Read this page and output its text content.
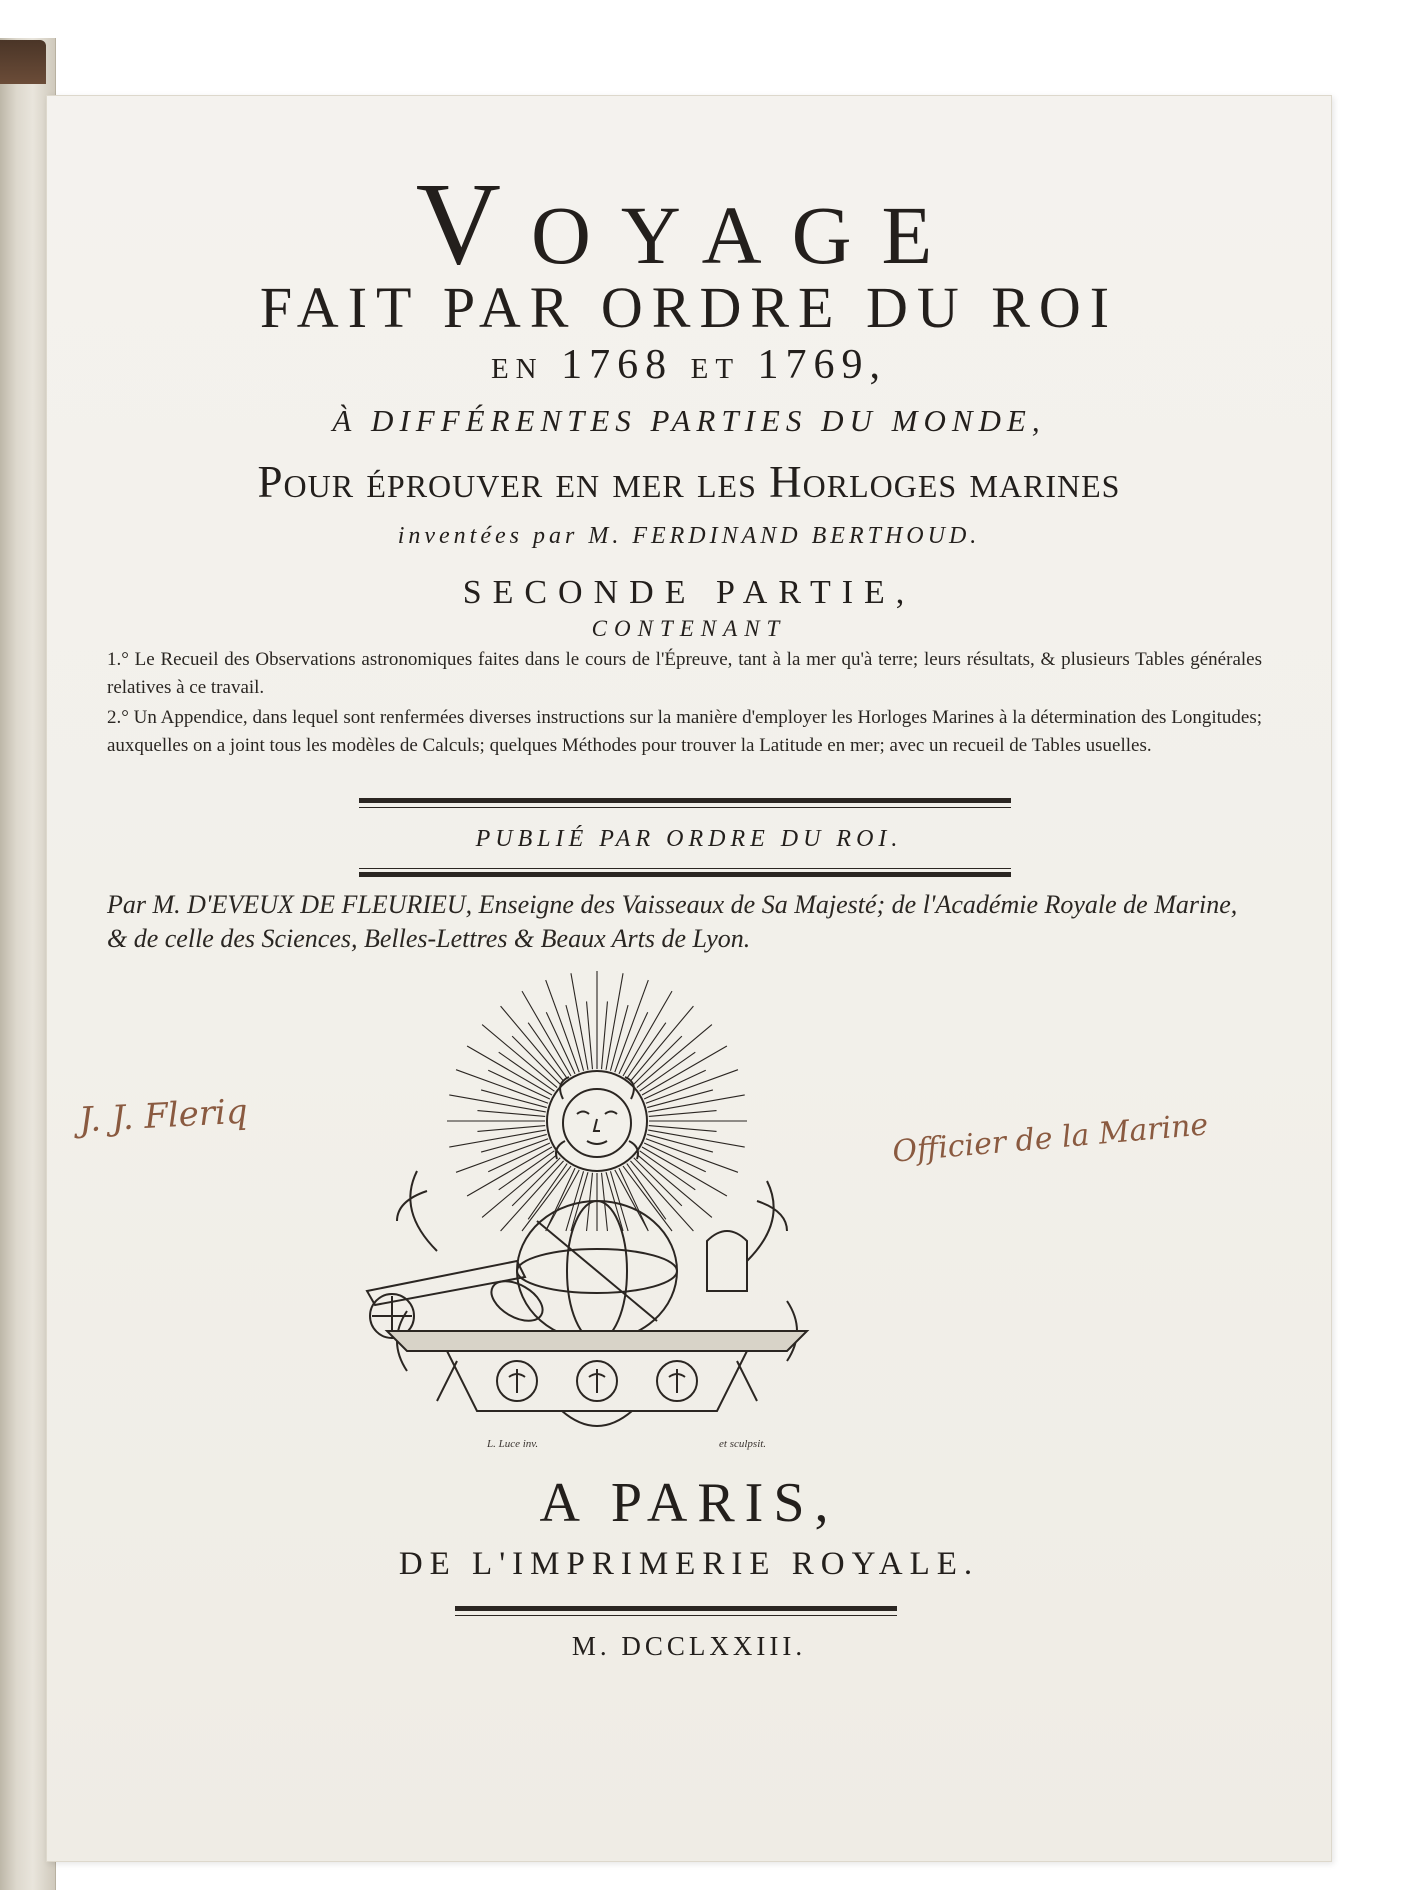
Voyage
FAIT PAR ORDRE DU ROI
en 1768 et 1769,
À DIFFÉRENTES PARTIES DU MONDE,
Pour éprouver en mer les Horloges marines
inventées par M. FERDINAND BERTHOUD.
SECONDE PARTIE,
CONTENANT
1.° Le Recueil des Observations astronomiques faites dans le cours de l'Épreuve, tant à la mer qu'à terre; leurs résultats, & plusieurs Tables générales relatives à ce travail.
2.° Un Appendice, dans lequel sont renfermées diverses instructions sur la manière d'employer les Horloges Marines à la détermination des Longitudes; auxquelles on a joint tous les modèles de Calculs; quelques Méthodes pour trouver la Latitude en mer; avec un recueil de Tables usuelles.
PUBLIÉ PAR ORDRE DU ROI.
Par M. D'EVEUX DE FLEURIEU, Enseigne des Vaisseaux de Sa Majesté; de l'Académie Royale de Marine, & de celle des Sciences, Belles-Lettres & Beaux Arts de Lyon.
J. J. Fleriq	Officier de la Marine
L. Luce inv.	et sculpsit.
A PARIS,
DE L'IMPRIMERIE ROYALE.
M. DCCLXXIII.
